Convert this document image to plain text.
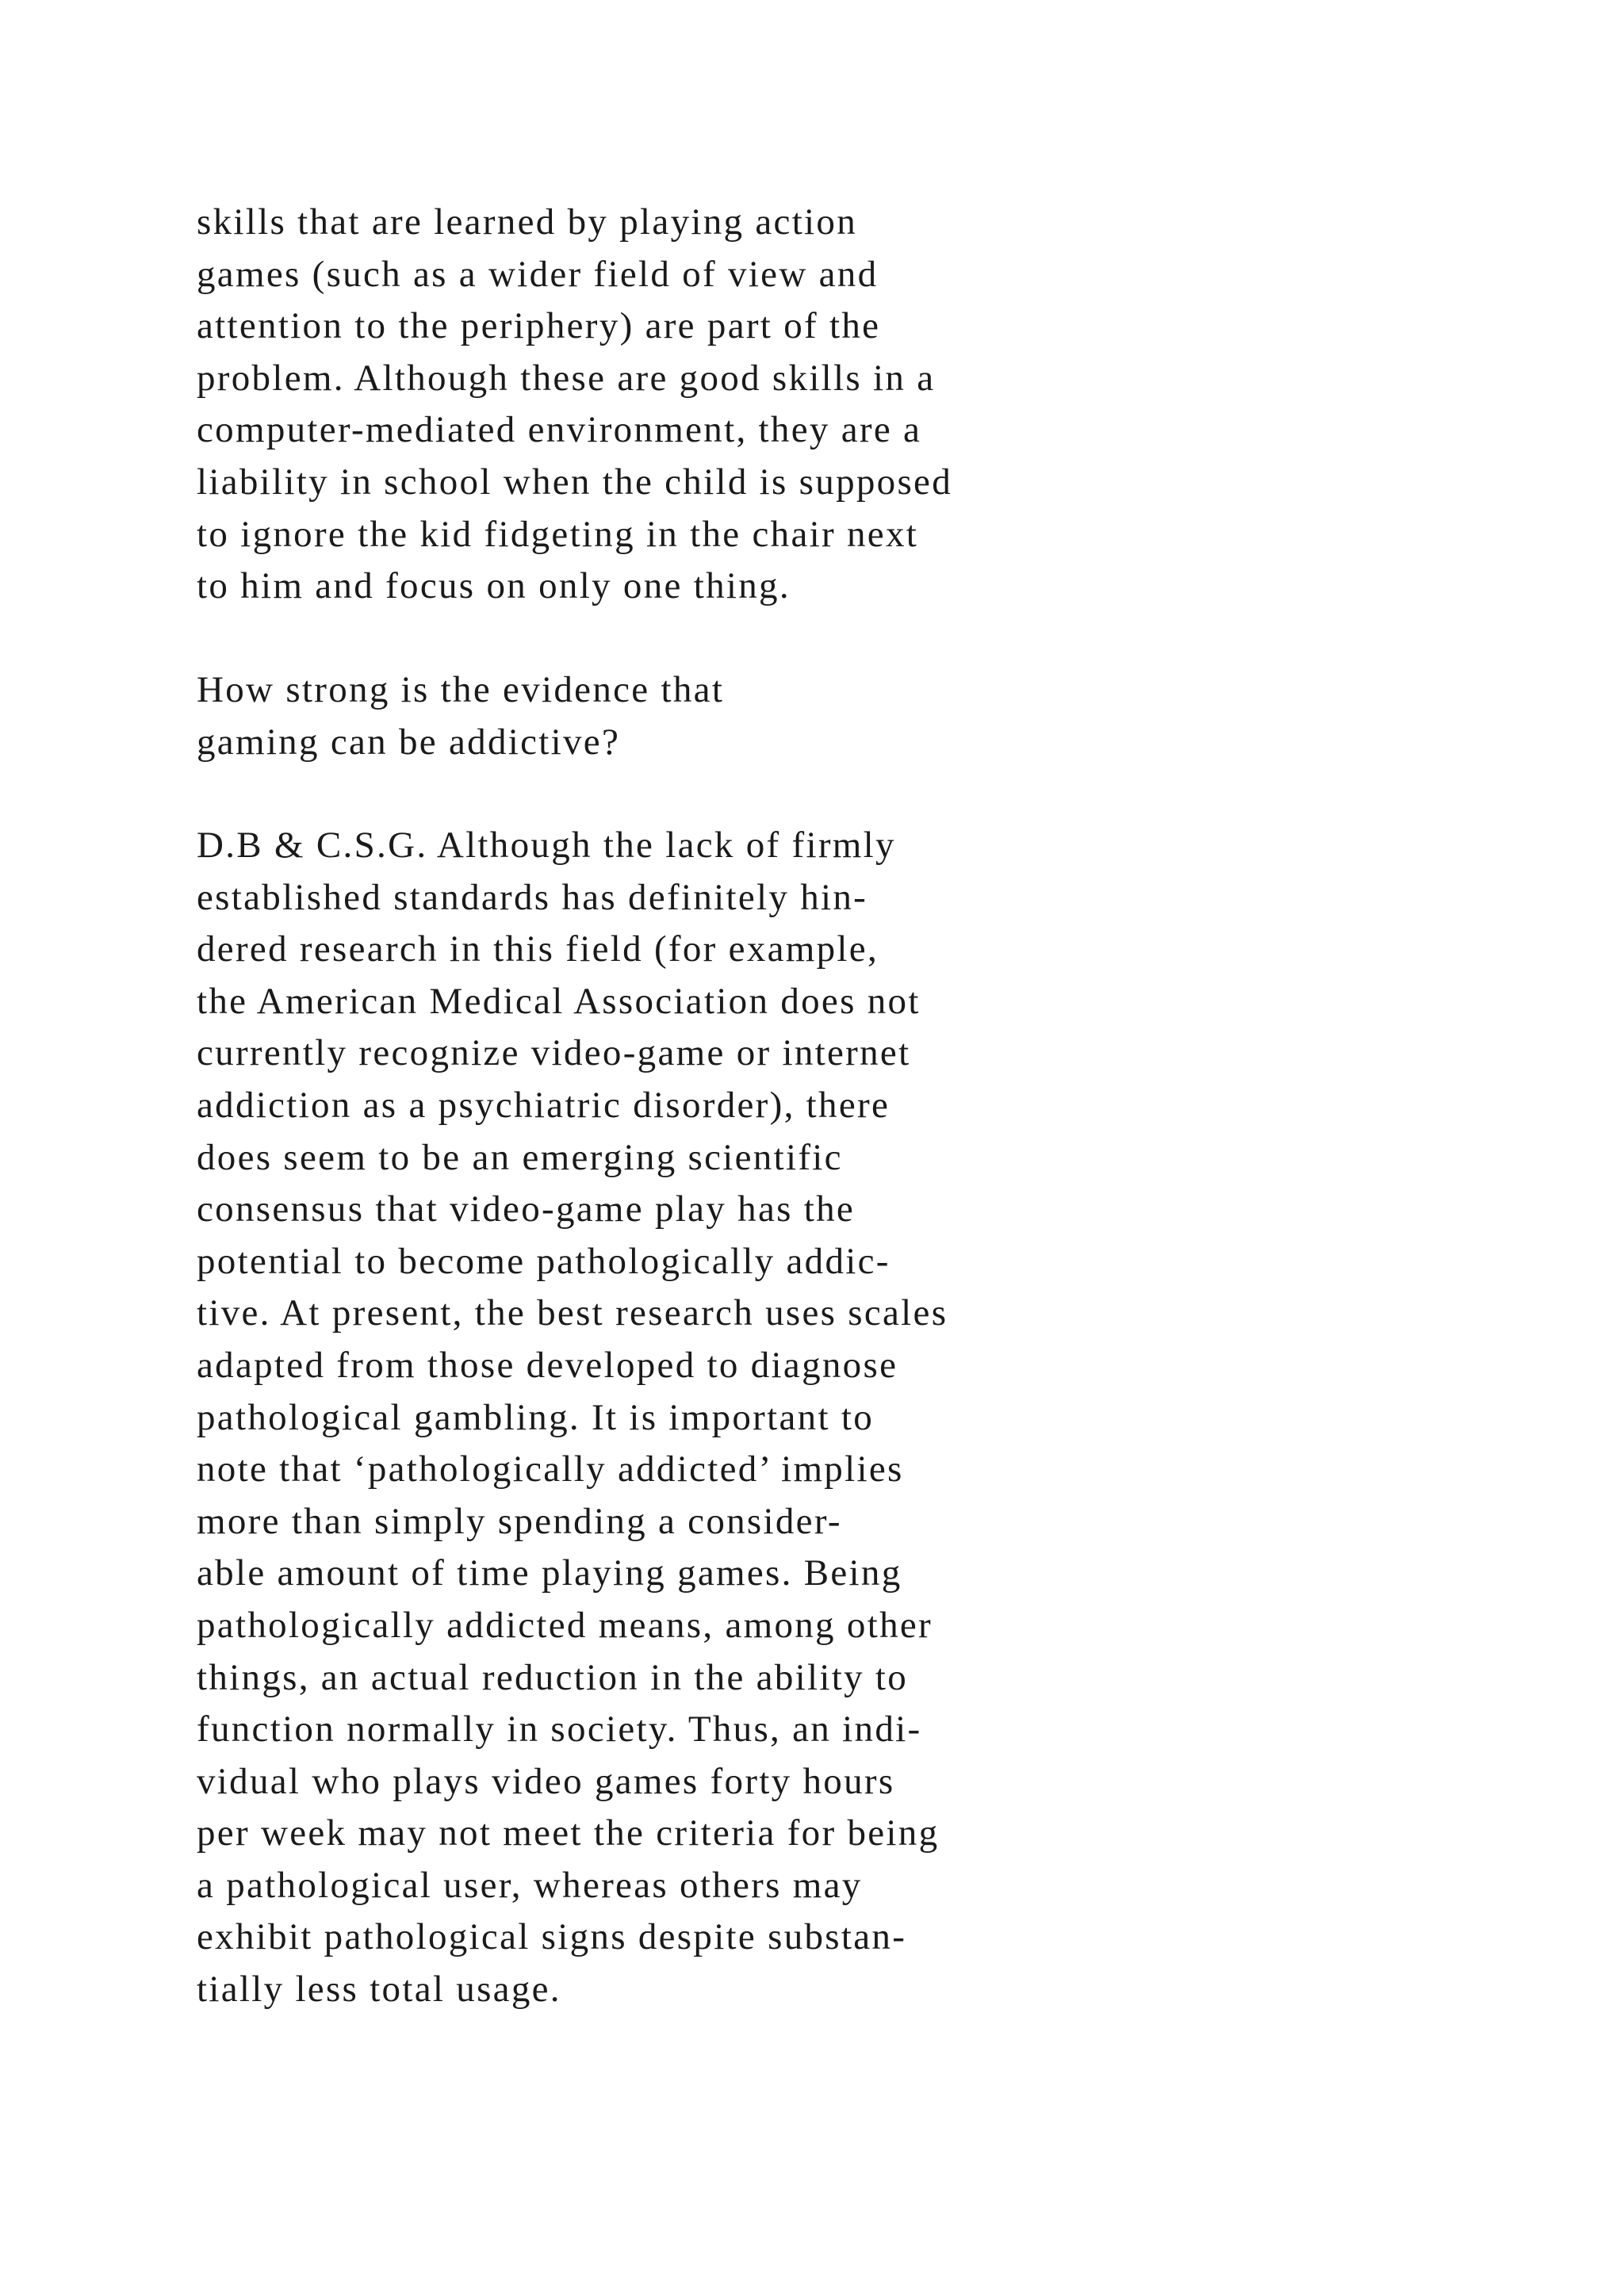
skills that are learned by playing action
games (such as a wider field of view and
attention to the periphery) are part of the
problem. Although these are good skills in a
computer-mediated environment, they are a
liability in school when the child is supposed
to ignore the kid fidgeting in the chair next
to him and focus on only one thing.
How strong is the evidence that
gaming can be addictive?
D.B & C.S.G. Although the lack of firmly
established standards has definitely hin-
dered research in this field (for example,
the American Medical Association does not
currently recognize video-game or internet
addiction as a psychiatric disorder), there
does seem to be an emerging scientific
consensus that video-game play has the
potential to become pathologically addic-
tive. At present, the best research uses scales
adapted from those developed to diagnose
pathological gambling. It is important to
note that ‘pathologically addicted’ implies
more than simply spending a consider-
able amount of time playing games. Being
pathologically addicted means, among other
things, an actual reduction in the ability to
function normally in society. Thus, an indi-
vidual who plays video games forty hours
per week may not meet the criteria for being
a pathological user, whereas others may
exhibit pathological signs despite substan-
tially less total usage.
